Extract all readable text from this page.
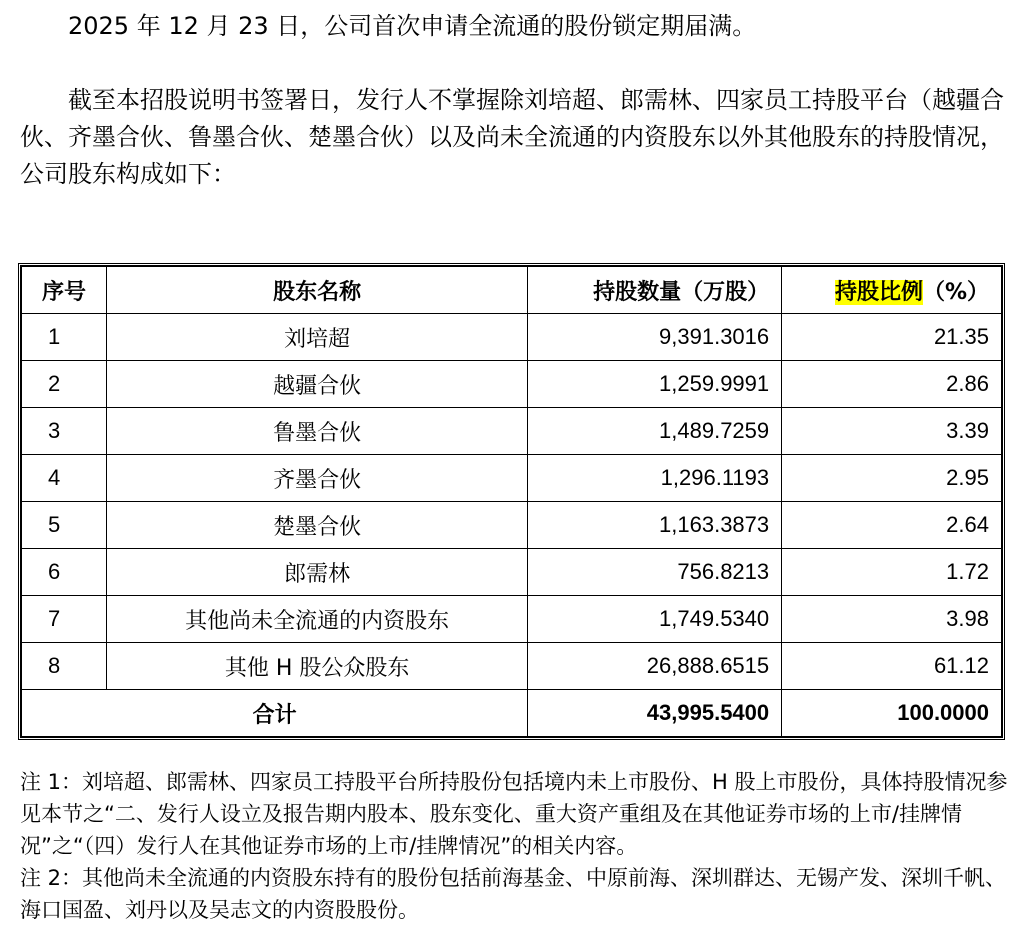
2025 年 12 月 23 日，公司首次申请全流通的股份锁定期届满。

截至本招股说明书签署日，发行人不掌握除刘培超、郎需林、四家员工持股平台（越疆合伙、齐墨合伙、鲁墨合伙、楚墨合伙）以及尚未全流通的内资股东以外其他股东的持股情况，公司股东构成如下：

序号	股东名称	持股数量（万股）	持股比例（%）
1	刘培超	9,391.3016	21.35
2	越疆合伙	1,259.9991	2.86
3	鲁墨合伙	1,489.7259	3.39
4	齐墨合伙	1,296.1193	2.95
5	楚墨合伙	1,163.3873	2.64
6	郎需林	756.8213	1.72
7	其他尚未全流通的内资股东	1,749.5340	3.98
8	其他 H 股公众股东	26,888.6515	61.12
合计		43,995.5400	100.0000

注 1：刘培超、郎需林、四家员工持股平台所持股份包括境内未上市股份、H 股上市股份，具体持股情况参见本节之“二、发行人设立及报告期内股本、股东变化、重大资产重组及在其他证券市场的上市/挂牌情况”之“（四）发行人在其他证券市场的上市/挂牌情况”的相关内容。

注 2：其他尚未全流通的内资股东持有的股份包括前海基金、中原前海、深圳群达、无锡产发、深圳千帆、海口国盈、刘丹以及吴志文的内资股股份。
